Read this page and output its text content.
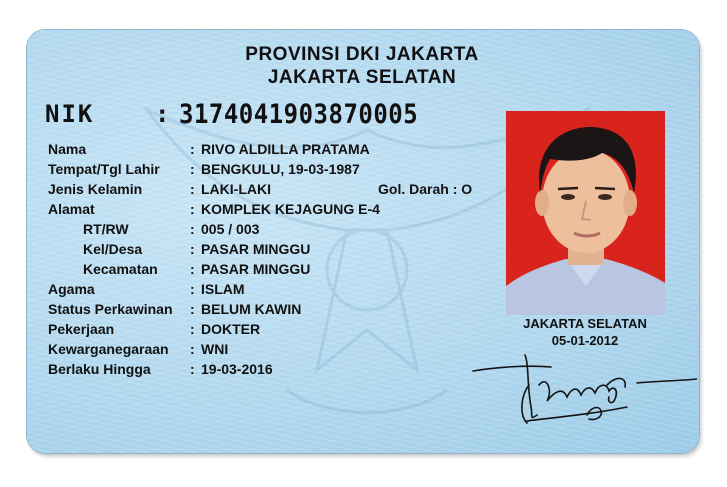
PROVINSI DKI JAKARTA
JAKARTA SELATAN
NIK	: 3174041903870005
Nama	: RIVO ALDILLA PRATAMA
Tempat/Tgl Lahir : BENGKULU, 19-03-1987
Jenis Kelamin	: LAKI-LAKI	Gol. Darah : O
Alamat	: KOMPLEK KEJAGUNG E-4
RT/RW	: 005 / 003
Kel/Desa	: PASAR MINGGU
Kecamatan : PASAR MINGGU
Agama	: ISLAM
Status Perkawinan : BELUM KAWIN
Pekerjaan	: DOKTER
Kewarganegaraan : WNI
Berlaku Hingga	: 19-03-2016
JAKARTA SELATAN
05-01-2012
